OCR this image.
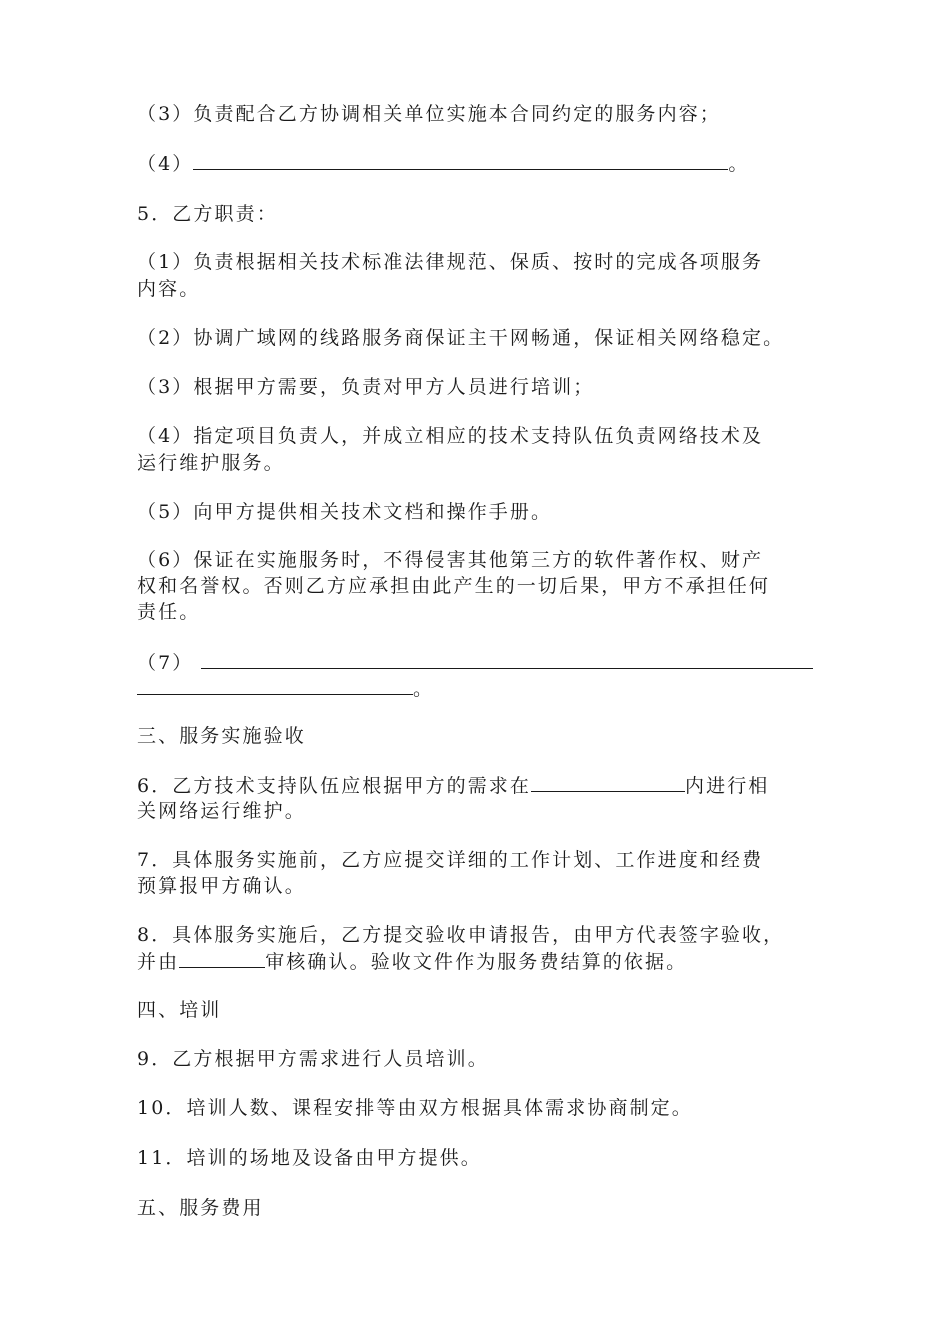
（3）负责配合乙方协调相关单位实施本合同约定的服务内容；

（4）	。

5．乙方职责：

（1）负责根据相关技术标准法律规范、保质、按时的完成各项服务

内容。

（2）协调广域网的线路服务商保证主干网畅通，保证相关网络稳定。

（3）根据甲方需要，负责对甲方人员进行培训；

（4）指定项目负责人，并成立相应的技术支持队伍负责网络技术及

运行维护服务。

（5）向甲方提供相关技术文档和操作手册。

（6）保证在实施服务时，不得侵害其他第三方的软件著作权、财产

权和名誉权。否则乙方应承担由此产生的一切后果，甲方不承担任何

责任。

（7）

。

三、服务实施验收

6．乙方技术支持队伍应根据甲方的需求在	内进行相

关网络运行维护。

7．具体服务实施前，乙方应提交详细的工作计划、工作进度和经费

预算报甲方确认。

8．具体服务实施后，乙方提交验收申请报告，由甲方代表签字验收，

并由	审核确认。验收文件作为服务费结算的依据。

四、培训

9．乙方根据甲方需求进行人员培训。

10．培训人数、课程安排等由双方根据具体需求协商制定。

11．培训的场地及设备由甲方提供。

五、服务费用
